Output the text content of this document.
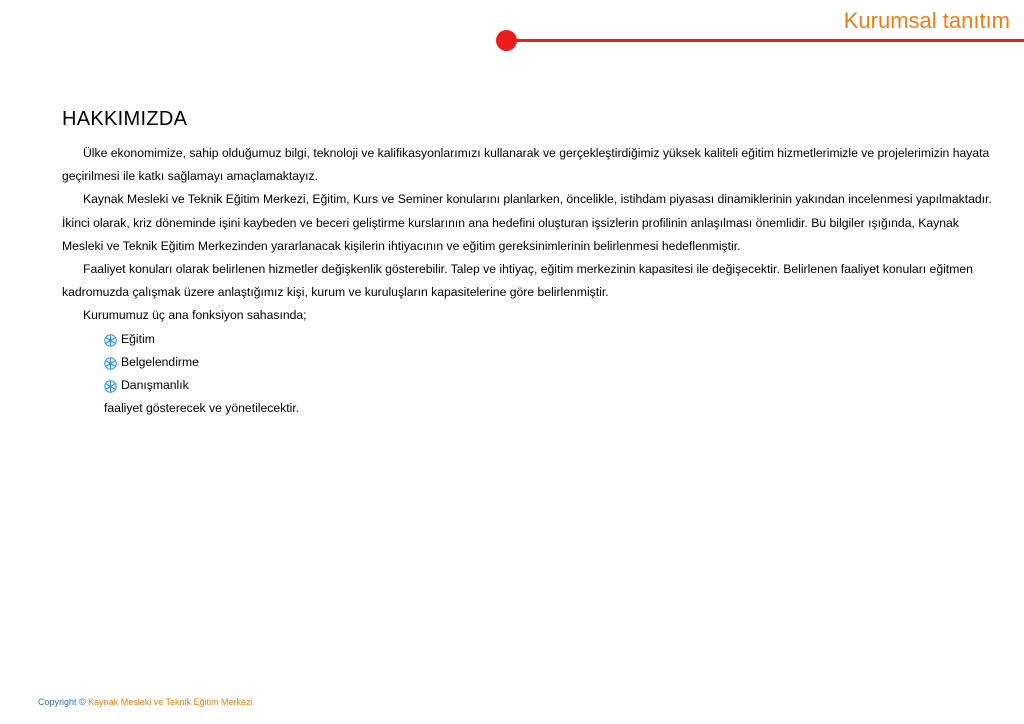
Kurumsal tanıtım
HAKKIMIZDA

Ülke ekonomimize, sahip olduğumuz bilgi, teknoloji ve kalifikasyonlarımızı kullanarak ve gerçekleştirdiğimiz yüksek kaliteli eğitim hizmetlerimizle ve projelerimizin hayata geçirilmesi ile katkı sağlamayı amaçlamaktayız.

Kaynak Mesleki ve Teknik Eğitim Merkezi, Eğitim, Kurs ve Seminer konularını planlarken, öncelikle, istihdam piyasası dinamiklerinin yakından incelenmesi yapılmaktadır. İkinci olarak, kriz döneminde işini kaybeden ve beceri geliştirme kurslarının ana hedefini oluşturan işsizlerin profilinin anlaşılması önemlidir. Bu bilgiler ışığında, Kaynak Mesleki ve Teknik Eğitim Merkezinden yararlanacak kişilerin ihtiyacının ve eğitim gereksinimlerinin belirlenmesi hedeflenmiştir.

Faaliyet konuları olarak belirlenen hizmetler değişkenlik gösterebilir. Talep ve ihtiyaç, eğitim merkezinin kapasitesi ile değişecektir. Belirlenen faaliyet konuları eğitmen kadromuzda çalışmak üzere anlaştığımız kişi, kurum ve kuruluşların kapasitelerine göre belirlenmiştir.

Kurumumuz üç ana fonksiyon sahasında;

Eğitim
Belgelendirme
Danışmanlık

faaliyet gösterecek ve yönetilecektir.

Copyright © Kaynak Mesleki ve Teknik Eğitim Merkezi
